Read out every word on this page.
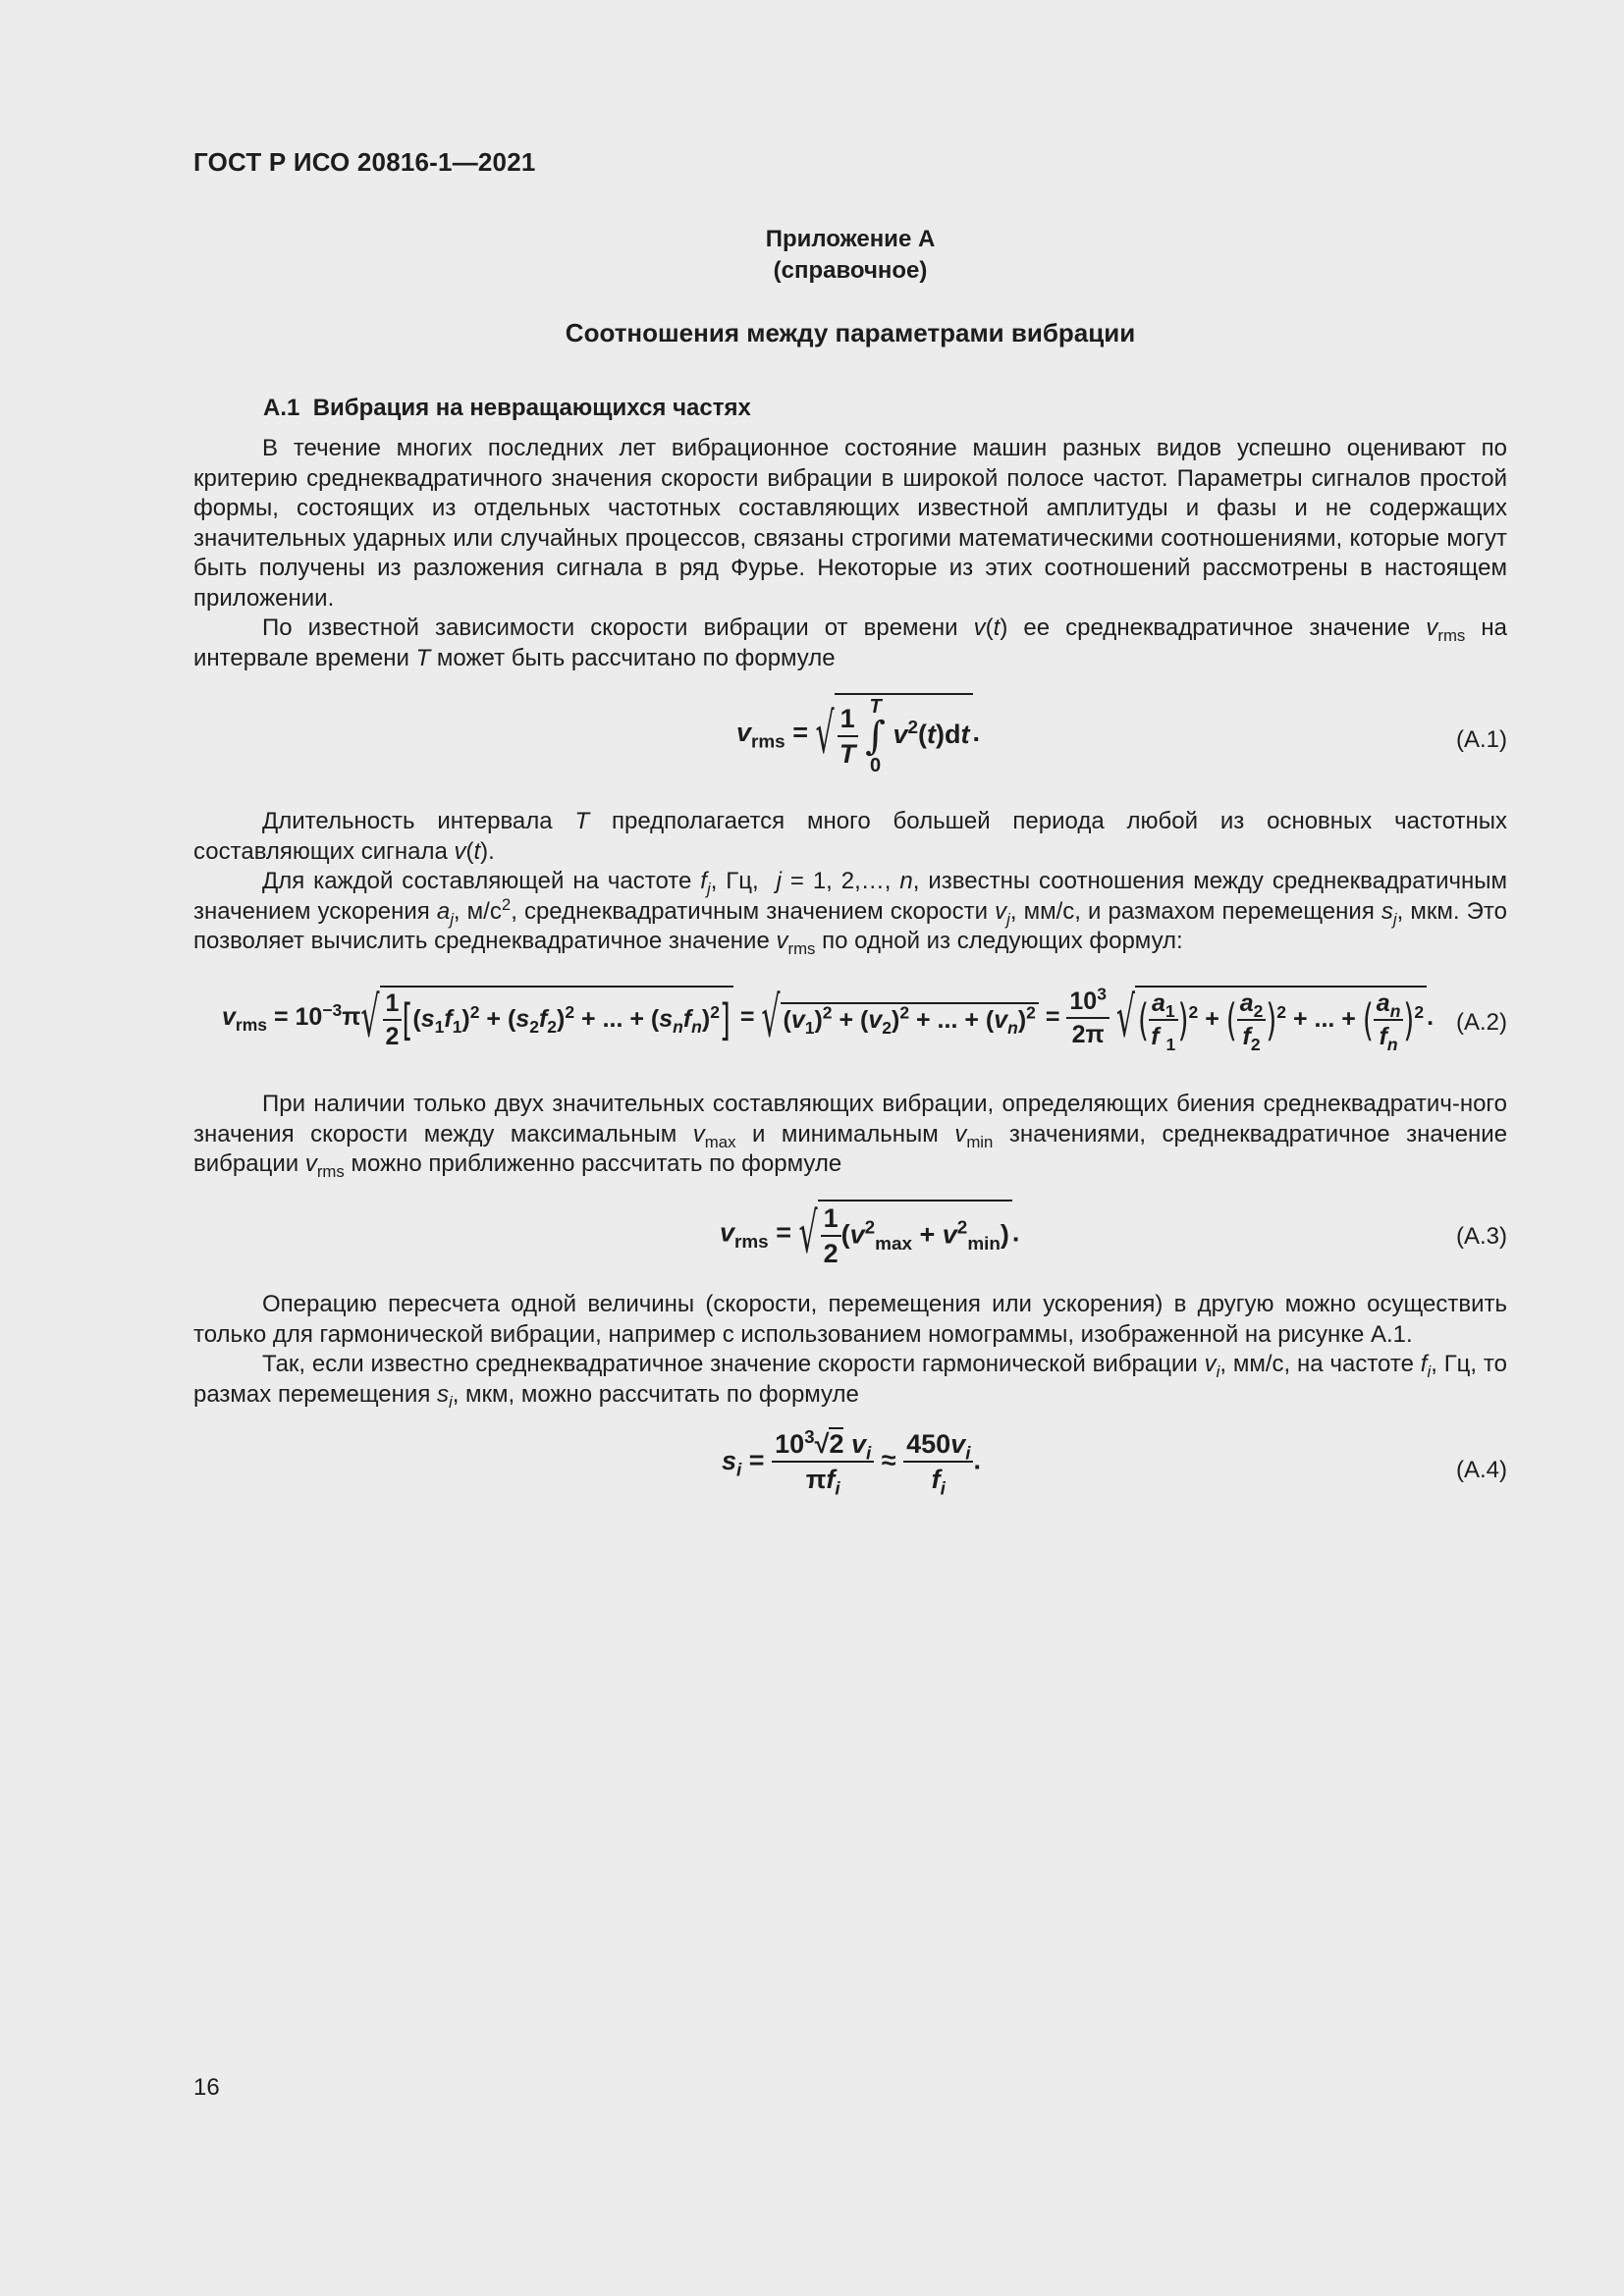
ГОСТ Р ИСО 20816-1—2021
Приложение А
(справочное)
Соотношения между параметрами вибрации
А.1 Вибрация на невращающихся частях

В течение многих последних лет вибрационное состояние машин разных видов успешно оценивают по критерию среднеквадратичного значения скорости вибрации в широкой полосе частот. Параметры сигналов простой формы, состоящих из отдельных частотных составляющих известной амплитуды и фазы и не содержащих значительных ударных или случайных процессов, связаны строгими математическими соотношениями, которые могут быть получены из разложения сигнала в ряд Фурье. Некоторые из этих соотношений рассмотрены в настоящем приложении.

По известной зависимости скорости вибрации от времени v(t) ее среднеквадратичное значение $v_{rms}$ на интервале времени T может быть рассчитано по формуле

$v_{rms}$ = √ $\frac{1}{T}$ T
∫
0 $v^2(t)dt$ .	(А.1)

Длительность интервала T предполагается много большей периода любой из основных частотных составляющих сигнала v(t).

Для каждой составляющей на частоте $f_j$, Гц, j = 1, 2,…, n, известны соотношения между среднеквадратичным значением ускорения $a_j$, $м/с^2$, среднеквадратичным значением скорости $v_j$, мм/с, и размахом перемещения $s_j$, мкм. Это позволяет вычислить среднеквадратичное значение $v_{rms}$ по одной из следующих формул:

$v_{rms} = 10^{-3}\pi√ \frac{1}{2} [(s_1f_1)^2 + (s_2f_2)^2$ + ... + $(s_nf_n)^2$] = √ $(v_1)^2 + (v_2)^2$ + ... + $(v_n)^2 = \frac{10^3}{2\pi}$ √ ( $\frac{a_1}{f _1} )^2$ + ( $\frac{a_2}{f_2} )^2$ + ... + ( $\frac{a_n}{f_n} )^2$ . (А.2)

При наличии только двух значительных составляющих вибрации, определяющих биения среднеквадратич-ного значения скорости между максимальным $v_{max}$ и минимальным $v_{min}$ значениями, среднеквадратичное значение вибрации $v_{rms}$ можно приближенно рассчитать по формуле

$v_{rms}$ = √ $\frac{1}{2} (v^2_{max} + v^2_{min})$ .	(А.3)

Операцию пересчета одной величины (скорости, перемещения или ускорения) в другую можно осуществить только для гармонической вибрации, например с использованием номограммы, изображенной на рисунке А.1.

Так, если известно среднеквадратичное значение скорости гармонической вибрации $v_i$, мм/с, на частоте $f_i$, Гц, то размах перемещения $s_i$, мкм, можно рассчитать по формуле

$s_i = \frac{10^3√2 v_i}{\pi f_i} \approx \frac{450v_i}{f_i}$ .	(А.4)
16
